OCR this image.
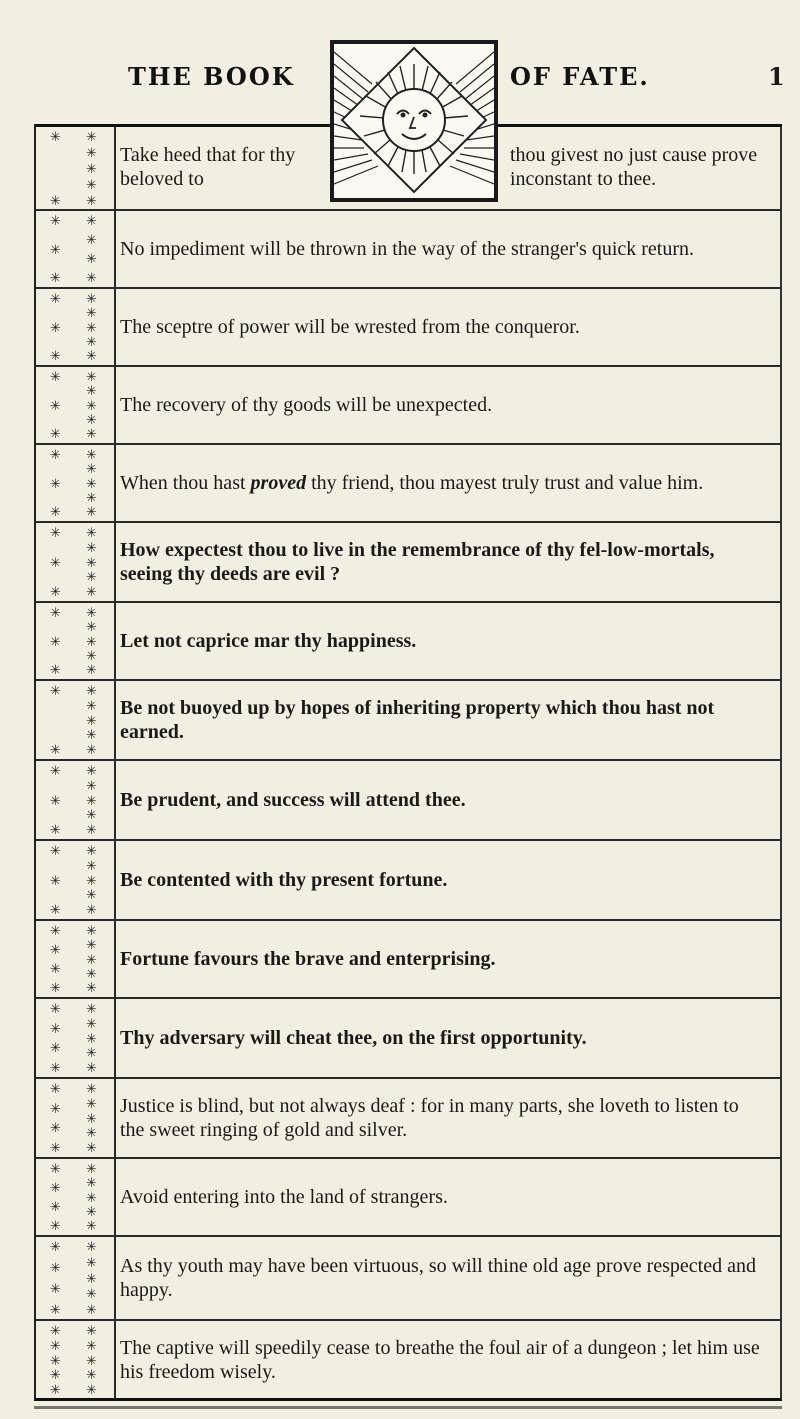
THE BOOK	OF FATE.	1
✳
✳
✳
✳
✳
✳
✳
Take heed that for thy beloved to
thou givest no just cause prove inconstant to thee.
✳
✳
✳
✳
✳
✳
✳
No impediment will be thrown in the way of the stranger's quick return.
✳
✳
✳
✳
✳
✳
✳
✳
The sceptre of power will be wrested from the conqueror.
✳
✳
✳
✳
✳
✳
✳
✳
The recovery of thy goods will be unexpected.
✳
✳
✳
✳
✳
✳
✳
✳
When thou hast proved thy friend, thou mayest truly trust and value him.
✳
✳
✳
✳
✳
✳
✳
✳
How expectest thou to live in the remembrance of thy fel-low-mortals, seeing thy deeds are evil ?
✳
✳
✳
✳
✳
✳
✳
✳
Let not caprice mar thy happiness.
✳
✳
✳
✳
✳
✳
✳
Be not buoyed up by hopes of inheriting property which thou hast not earned.
✳
✳
✳
✳
✳
✳
✳
✳
Be prudent, and success will attend thee.
✳
✳
✳
✳
✳
✳
✳
✳
Be contented with thy present fortune.
✳
✳
✳
✳
✳
✳
✳
✳
✳
Fortune favours the brave and enterprising.
✳
✳
✳
✳
✳
✳
✳
✳
✳
Thy adversary will cheat thee, on the first opportunity.
✳
✳
✳
✳
✳
✳
✳
✳
✳
Justice is blind, but not always deaf : for in many parts, she loveth to listen to the sweet ringing of gold and silver.
✳
✳
✳
✳
✳
✳
✳
✳
✳
Avoid entering into the land of strangers.
✳
✳
✳
✳
✳
✳
✳
✳
✳
As thy youth may have been virtuous, so will thine old age prove respected and happy.
✳
✳
✳
✳
✳
✳
✳
✳
✳
✳
The captive will speedily cease to breathe the foul air of a dungeon ; let him use his freedom wisely.
